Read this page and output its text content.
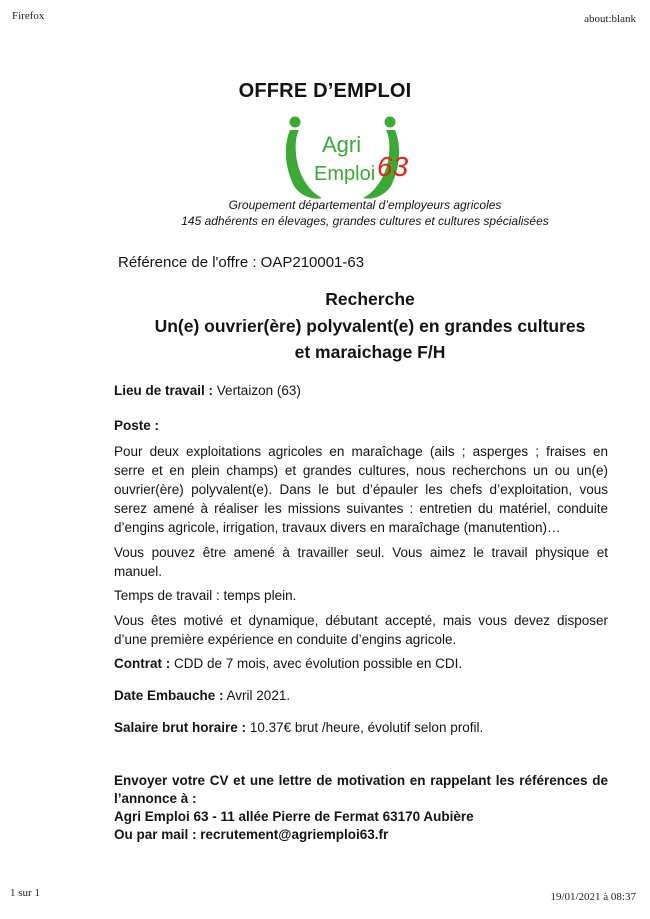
Firefox	about:blank
OFFRE D’EMPLOI
Agri
Emploi 63
Groupement départemental d’employeurs agricoles
145 adhérents en élevages, grandes cultures et cultures spécialisées
Référence de l'offre : OAP210001-63
Recherche
Un(e) ouvrier(ère) polyvalent(e) en grandes cultures
et maraichage F/H
Lieu de travail : Vertaizon (63)
Poste :
Pour deux exploitations agricoles en maraîchage (ails ; asperges ; fraises en
serre et en plein champs) et grandes cultures, nous recherchons un ou un(e)
ouvrier(ère) polyvalent(e). Dans le but d’épauler les chefs d’exploitation, vous
serez amené à réaliser les missions suivantes : entretien du matériel, conduite
d’engins agricole, irrigation, travaux divers en maraîchage (manutention)…
Vous pouvez être amené à travailler seul. Vous aimez le travail physique et
manuel.
Temps de travail : temps plein.
Vous êtes motivé et dynamique, débutant accepté, mais vous devez disposer
d’une première expérience en conduite d’engins agricole.
Contrat : CDD de 7 mois, avec évolution possible en CDI.
Date Embauche : Avril 2021.
Salaire brut horaire : 10.37€ brut /heure, évolutif selon profil.
Envoyer votre CV et une lettre de motivation en rappelant les références de
l’annonce à :
Agri Emploi 63 - 11 allée Pierre de Fermat 63170 Aubière
Ou par mail : recrutement@agriemploi63.fr
1 sur 1	19/01/2021 à 08:37
